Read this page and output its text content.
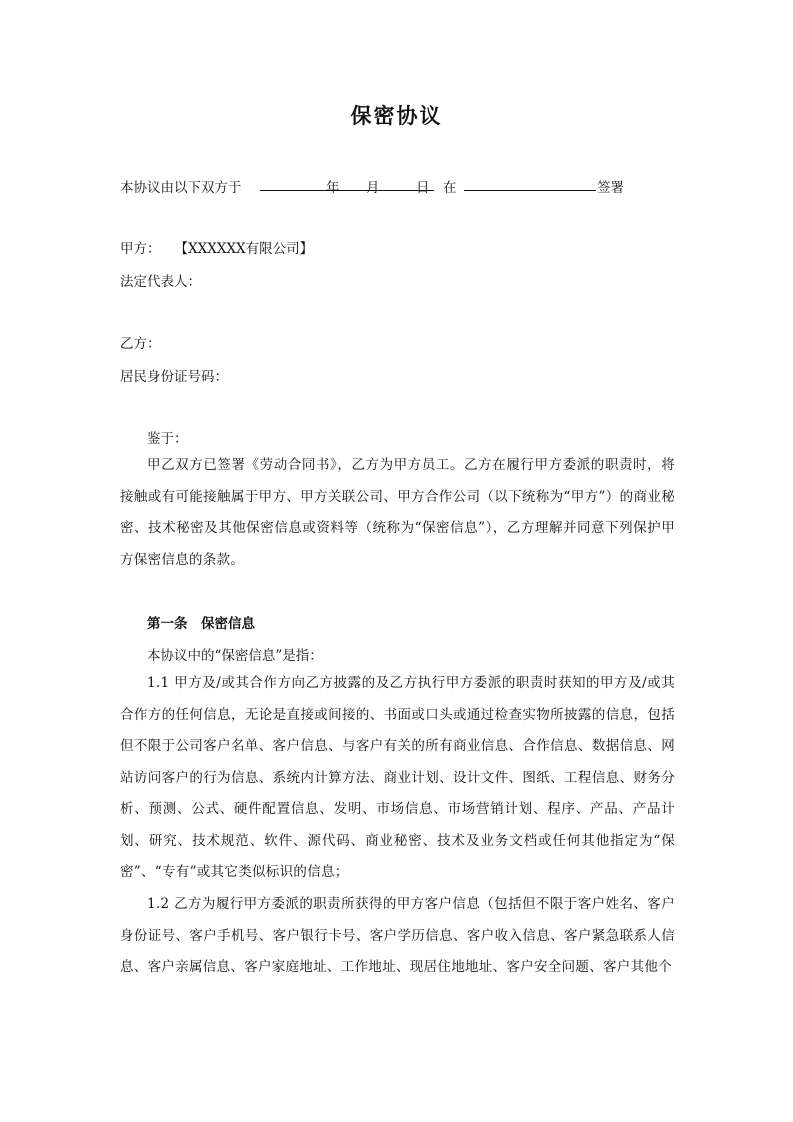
保密协议
本协议由以下双方于	年 月	日 在	签署
甲方： 【XXXXXX有限公司】
法定代表人：
乙方：
居民身份证号码：
鉴于：
甲乙双方已签署《劳动合同书》，乙方为甲方员工。乙方在履行甲方委派的职责时，将接触或有可能接触属于甲方、甲方关联公司、甲方合作公司（以下统称为“甲方”）的商业秘密、技术秘密及其他保密信息或资料等（统称为“保密信息”），乙方理解并同意下列保护甲方保密信息的条款。
第一条　保密信息
本协议中的“保密信息”是指：
1.1 甲方及/或其合作方向乙方披露的及乙方执行甲方委派的职责时获知的甲方及/或其合作方的任何信息，无论是直接或间接的、书面或口头或通过检查实物所披露的信息，包括但不限于公司客户名单、客户信息、与客户有关的所有商业信息、合作信息、数据信息、网站访问客户的行为信息、系统内计算方法、商业计划、设计文件、图纸、工程信息、财务分析、预测、公式、硬件配置信息、发明、市场信息、市场营销计划、程序、产品、产品计划、研究、技术规范、软件、源代码、商业秘密、技术及业务文档或任何其他指定为“保密”、“专有”或其它类似标识的信息；
1.2 乙方为履行甲方委派的职责所获得的甲方客户信息（包括但不限于客户姓名、客户身份证号、客户手机号、客户银行卡号、客户学历信息、客户收入信息、客户紧急联系人信息、客户亲属信息、客户家庭地址、工作地址、现居住地地址、客户安全问题、客户其他个
